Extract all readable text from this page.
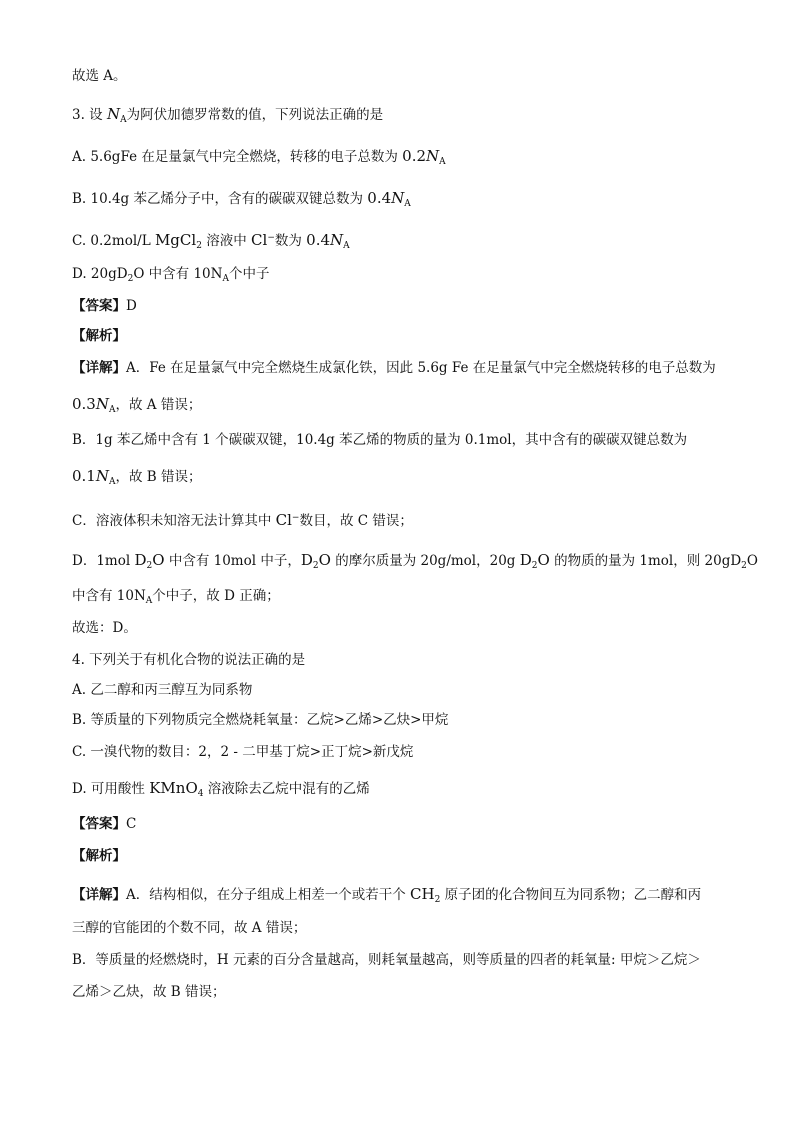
故选 A。
3. 设 $N_A$为阿伏加德罗常数的值，下列说法正确的是
A. 5.6gFe 在足量氯气中完全燃烧，转移的电子总数为 $0.2N_A$
B. 10.4g 苯乙烯分子中，含有的碳碳双键总数为 $0.4N_A$
C. 0.2mol/L MgCl$_2$ 溶液中 Cl−数为 $0.4N_A$
D. $20gD_2O$ 中含有 $10N_A$个中子
【答案】D
【解析】
【详解】A．Fe 在足量氯气中完全燃烧生成氯化铁，因此 5.6g Fe 在足量氯气中完全燃烧转移的电子总数为
$0.3N_A$，故 A 错误；
B．1g 苯乙烯中含有 1 个碳碳双键，10.4g 苯乙烯的物质的量为 0.1mol，其中含有的碳碳双键总数为
$0.1N_A$，故 B 错误；
C．溶液体积未知溶无法计算其中 Cl−数目，故 C 错误；
D．1mol $D_2O$ 中含有 10mol 中子，$D_2O$ 的摩尔质量为 20g/mol，20g $D_2O$ 的物质的量为 1mol，则 $20gD_2O$
中含有 $10N_A$个中子，故 D 正确；
故选：D。
4. 下列关于有机化合物的说法正确的是
A. 乙二醇和丙三醇互为同系物
B. 等质量的下列物质完全燃烧耗氧量：乙烷>乙烯>乙炔>甲烷
C. 一溴代物的数目：2，2 - 二甲基丁烷>正丁烷>新戊烷
D. 可用酸性 KMnO$_4$ 溶液除去乙烷中混有的乙烯
【答案】C
【解析】
【详解】A．结构相似，在分子组成上相差一个或若干个 $CH_2$ 原子团的化合物间互为同系物；乙二醇和丙
三醇的官能团的个数不同，故 A 错误；
B．等质量的烃燃烧时，H 元素的百分含量越高，则耗氧量越高，则等质量的四者的耗氧量: 甲烷＞乙烷＞
乙烯＞乙炔，故 B 错误；
